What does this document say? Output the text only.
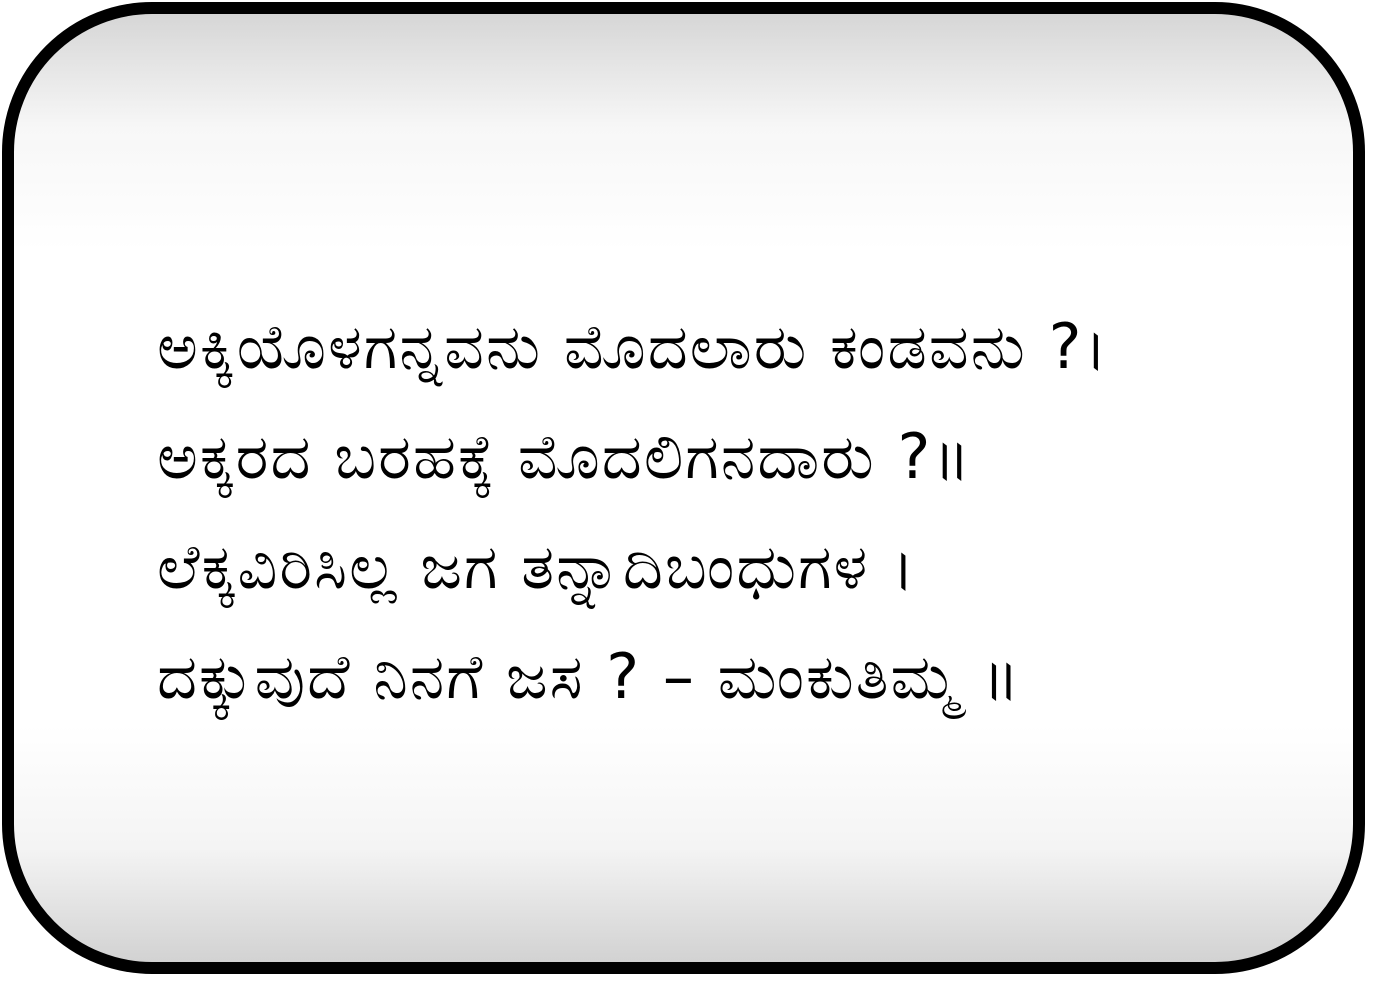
ಅಕ್ಕಿಯೊಳಗನ್ನವನು ಮೊದಲಾರು ಕಂಡವನು ?।
ಅಕ್ಕರದ ಬರಹಕ್ಕೆ ಮೊದಲಿಗನದಾರು ?॥
ಲೆಕ್ಕವಿರಿಸಿಲ್ಲ ಜಗ ತನ್ನಾದಿಬಂಧುಗಳ ।
ದಕ್ಕುವುದೆ ನಿನಗೆ ಜಸ ? – ಮಂಕುತಿಮ್ಮ ॥
